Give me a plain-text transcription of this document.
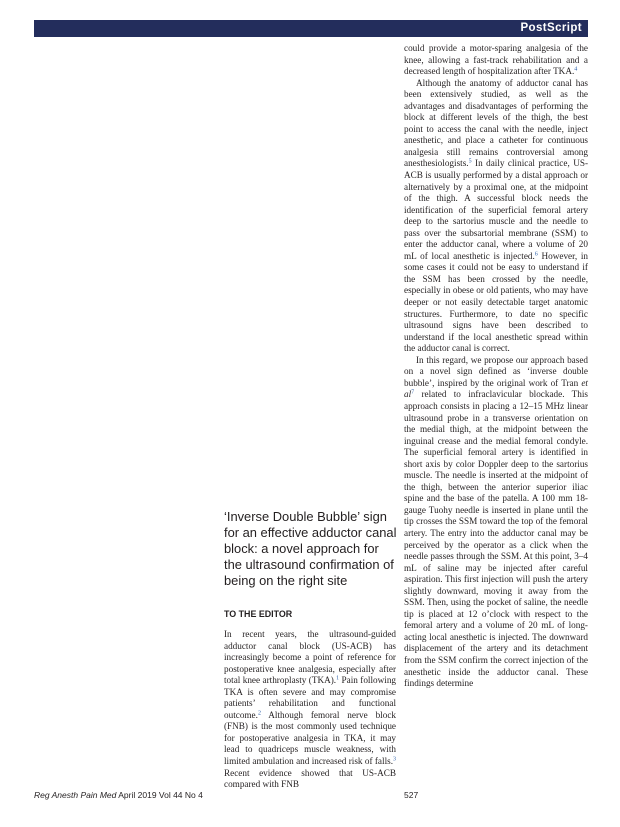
PostScript

could provide a motor-sparing analgesia of the knee, allowing a fast-track rehabilitation and a decreased length of hospitalization after TKA.$^4$

Although the anatomy of adductor canal has been extensively studied, as well as the advantages and disadvantages of performing the block at different levels of the thigh, the best point to access the canal with the needle, inject anesthetic, and place a catheter for continuous analgesia still remains controversial among anesthesiologists.$^5$ In daily clinical practice, US-ACB is usually performed by a distal approach or alternatively by a proximal one, at the midpoint of the thigh. A successful block needs the identification of the superficial femoral artery deep to the sartorius muscle and the needle to pass over the subsartorial membrane (SSM) to enter the adductor canal, where a volume of 20 mL of local anesthetic is injected.$^6$ However, in some cases it could not be easy to understand if the SSM has been crossed by the needle, especially in obese or old patients, who may have deeper or not easily detectable target anatomic structures. Furthermore, to date no specific ultrasound signs have been described to understand if the local anesthetic spread within the adductor canal is correct.

In this regard, we propose our approach based on a novel sign defined as ‘inverse double bubble’, inspired by the original work of Tran et $al^7$ related to infraclavicular blockade. This approach consists in placing a 12–15 MHz linear ultrasound probe in a transverse orientation on the medial thigh, at the midpoint between the inguinal crease and the medial femoral condyle. The superficial femoral artery is identified in short axis by color Doppler deep to the sartorius muscle. The needle is inserted at the midpoint of the thigh, between the anterior superior iliac spine and the base of the patella. A 100 mm 18-gauge Tuohy needle is inserted in plane until the tip crosses the SSM toward the top of the femoral artery. The entry into the adductor canal may be perceived by the operator as a click when the needle passes through the SSM. At this point, 3–4 mL of saline may be injected after careful aspiration. This first injection will push the artery slightly downward, moving it away from the SSM. Then, using the pocket of saline, the needle tip is placed at 12 o’clock with respect to the femoral artery and a volume of 20 mL of long-acting local anesthetic is injected. The downward displacement of the artery and its detachment from the SSM confirm the correct injection of the anesthetic inside the adductor canal. These findings determine

‘Inverse Double Bubble’ sign for an effective adductor canal block: a novel approach for the ultrasound confirmation of being on the right site
TO THE EDITOR

In recent years, the ultrasound-guided adductor canal block (US-ACB) has increasingly become a point of reference for postoperative knee analgesia, especially after total knee arthroplasty (TKA).$^1$ Pain following TKA is often severe and may compromise patients’ rehabilitation and functional outcome.$^2$ Although femoral nerve block (FNB) is the most commonly used technique for postoperative analgesia in TKA, it may lead to quadriceps muscle weakness, with limited ambulation and increased risk of falls.$^3$ Recent evidence showed that US-ACB compared with FNB

Reg Anesth Pain Med April 2019 Vol 44 No 4	527
